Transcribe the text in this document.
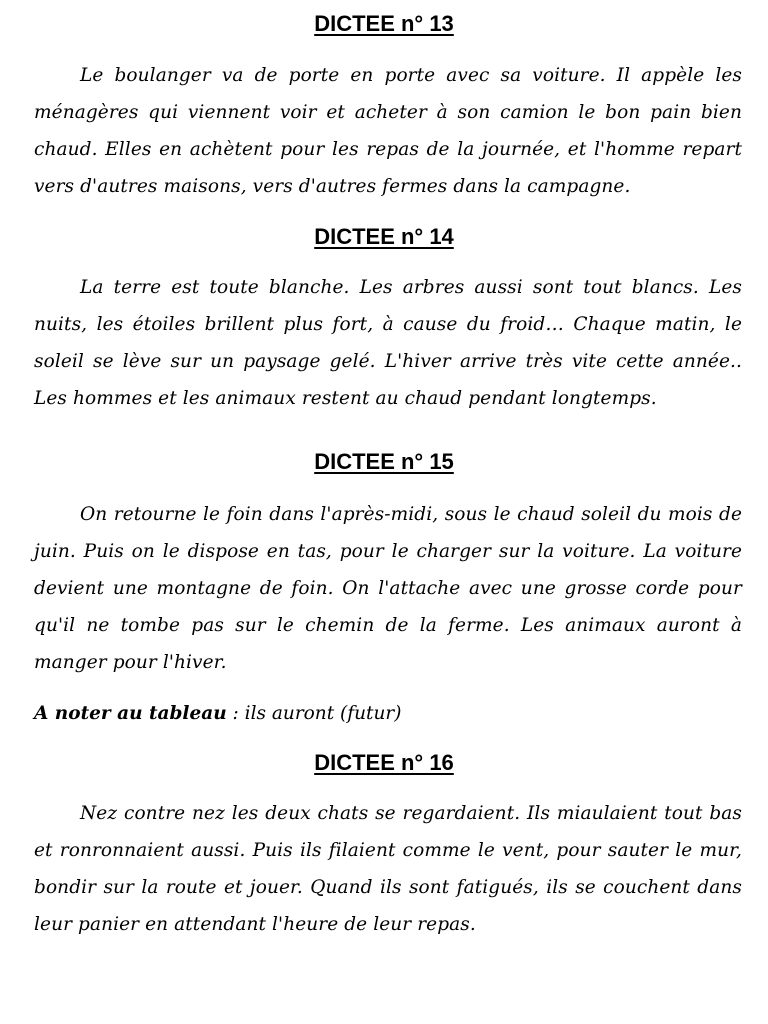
DICTEE n° 13
Le boulanger va de porte en porte avec sa voiture. Il appèle les ménagères qui viennent voir et acheter à son camion le bon pain bien chaud. Elles en achètent pour les repas de la journée, et l'homme repart vers d'autres maisons, vers d'autres fermes dans la campagne.
DICTEE n° 14
La terre est toute blanche. Les arbres aussi sont tout blancs. Les nuits, les étoiles brillent plus fort, à cause du froid… Chaque matin, le soleil se lève sur un paysage gelé. L'hiver arrive très vite cette année.. Les hommes et les animaux restent au chaud pendant longtemps.
DICTEE n° 15
On retourne le foin dans l'après-midi, sous le chaud soleil du mois de juin. Puis on le dispose en tas, pour le charger sur la voiture. La voiture devient une montagne de foin. On l'attache avec une grosse corde pour qu'il ne tombe pas sur le chemin de la ferme. Les animaux auront à manger pour l'hiver.
A noter au tableau : ils auront (futur)
DICTEE n° 16
Nez contre nez les deux chats se regardaient. Ils miaulaient tout bas et ronronnaient aussi. Puis ils filaient comme le vent, pour sauter le mur, bondir sur la route et jouer. Quand ils sont fatigués, ils se couchent dans leur panier en attendant l'heure de leur repas.
